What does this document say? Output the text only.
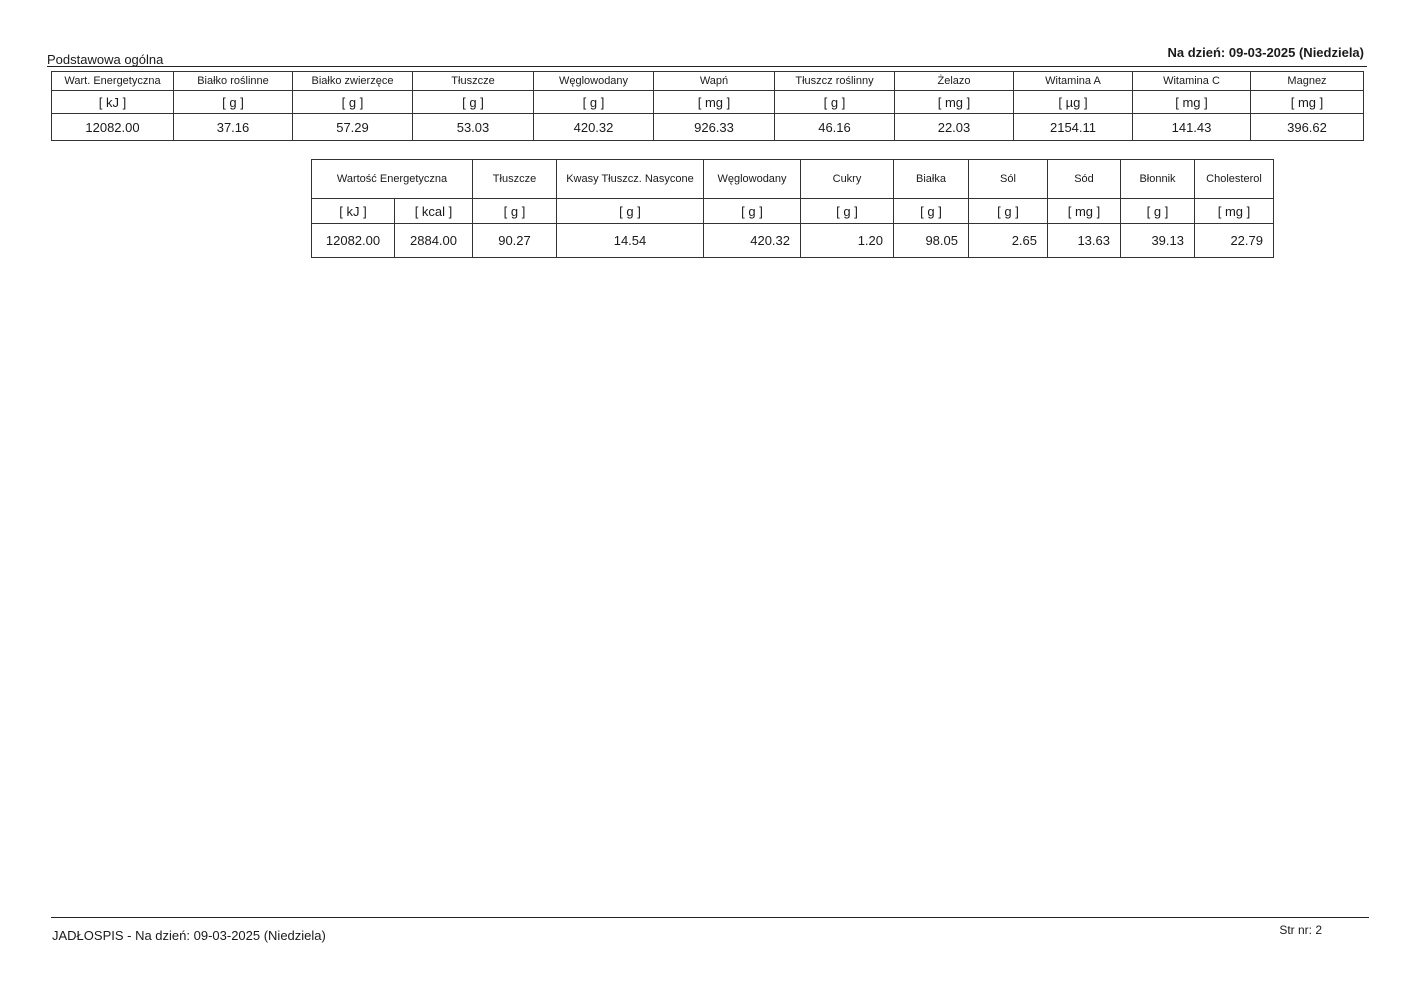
Podstawowa ogólna	Na dzień: 09-03-2025 (Niedziela)
Wart. Energetyczna	Białko roślinne	Białko zwierzęce	Tłuszcze	Węglowodany	Wapń	Tłuszcz roślinny	Żelazo	Witamina A	Witamina C	Magnez
[ kJ ]	[ g ]	[ g ]	[ g ]	[ g ]	[ mg ]	[ g ]	[ mg ]	[ µg ]	[ mg ]	[ mg ]
12082.00	37.16	57.29	53.03	420.32	926.33	46.16	22.03	2154.11	141.43	396.62
Wartość Energetyczna		Tłuszcze	Kwasy Tłuszcz. Nasycone	Węglowodany	Cukry	Białka	Sól	Sód	Błonnik	Cholesterol
[ kJ ]	[ kcal ]	[ g ]	[ g ]	[ g ]	[ g ]	[ g ]	[ g ]	[ mg ]	[ g ]	[ mg ]
12082.00	2884.00	90.27	14.54	420.32	1.20	98.05	2.65	13.63	39.13	22.79
JADŁOSPIS - Na dzień: 09-03-2025 (Niedziela)	Str nr: 2
